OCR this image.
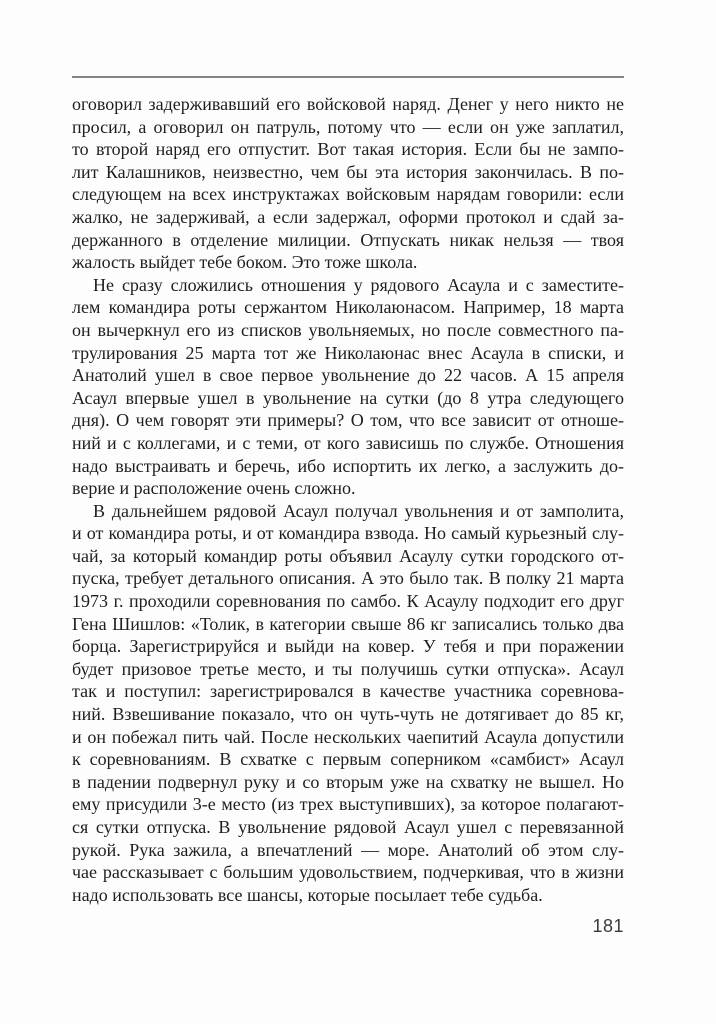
оговорил задерживавший его войсковой наряд. Денег у него никто не
просил, а оговорил он патруль, потому что — если он уже заплатил,
то второй наряд его отпустит. Вот такая история. Если бы не зампо-
лит Калашников, неизвестно, чем бы эта история закончилась. В по-
следующем на всех инструктажах войсковым нарядам говорили: если
жалко, не задерживай, а если задержал, оформи протокол и сдай за-
держанного в отделение милиции. Отпускать никак нельзя — твоя
жалость выйдет тебе боком. Это тоже школа.
Не сразу сложились отношения у рядового Асаула и с заместите-
лем командира роты сержантом Николаюнасом. Например, 18 марта
он вычеркнул его из списков увольняемых, но после совместного па-
трулирования 25 марта тот же Николаюнас внес Асаула в списки, и
Анатолий ушел в свое первое увольнение до 22 часов. А 15 апреля
Асаул впервые ушел в увольнение на сутки (до 8 утра следующего
дня). О чем говорят эти примеры? О том, что все зависит от отноше-
ний и с коллегами, и с теми, от кого зависишь по службе. Отношения
надо выстраивать и беречь, ибо испортить их легко, а заслужить до-
верие и расположение очень сложно.
В дальнейшем рядовой Асаул получал увольнения и от замполита,
и от командира роты, и от командира взвода. Но самый курьезный слу-
чай, за который командир роты объявил Асаулу сутки городского от-
пуска, требует детального описания. А это было так. В полку 21 марта
1973 г. проходили соревнования по самбо. К Асаулу подходит его друг
Гена Шишлов: «Толик, в категории свыше 86 кг записались только два
борца. Зарегистрируйся и выйди на ковер. У тебя и при поражении
будет призовое третье место, и ты получишь сутки отпуска». Асаул
так и поступил: зарегистрировался в качестве участника соревнова-
ний. Взвешивание показало, что он чуть-чуть не дотягивает до 85 кг,
и он побежал пить чай. После нескольких чаепитий Асаула допустили
к соревнованиям. В схватке с первым соперником «самбист» Асаул
в падении подвернул руку и со вторым уже на схватку не вышел. Но
ему присудили 3-е место (из трех выступивших), за которое полагают-
ся сутки отпуска. В увольнение рядовой Асаул ушел с перевязанной
рукой. Рука зажила, а впечатлений — море. Анатолий об этом слу-
чае рассказывает с большим удовольствием, подчеркивая, что в жизни
надо использовать все шансы, которые посылает тебе судьба.
181
